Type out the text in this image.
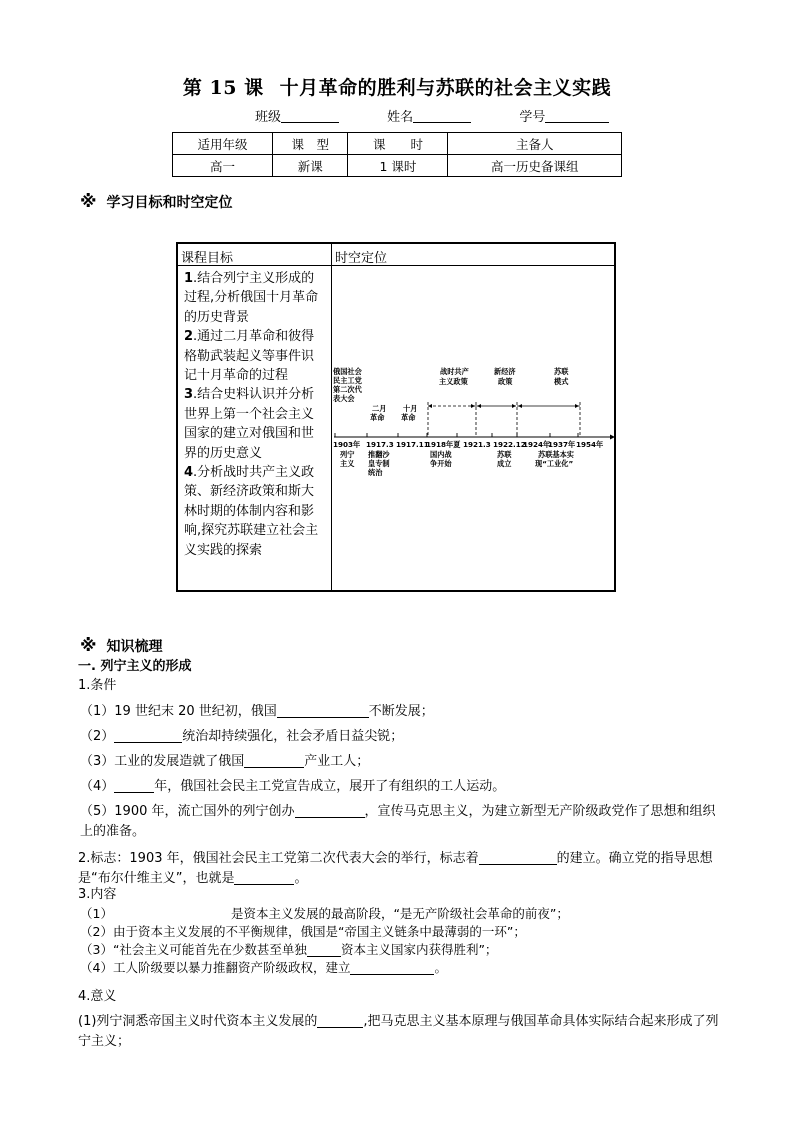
第 15 课 十月革命的胜利与苏联的社会主义实践
班级	姓名	学号
适用年级	课　型	课　　时	主备人
高一	新课	1 课时	高一历史备课组
※ 学习目标和时空定位
课程目标	时空定位
1.结合列宁主义形成的过程,分析俄国十月革命的历史背景
2.通过二月革命和彼得格勒武装起义等事件识记十月革命的过程
3.结合史料认识并分析世界上第一个社会主义国家的建立对俄国和世界的历史意义
4.分析战时共产主义政策、新经济政策和斯大林时期的体制内容和影响,探究苏联建立社会主义实践的探索
俄国社会民主工党第二次代表大会
二月革命
十月革命
战时共产主义政策
新经济政策
苏联模式
1903年 1917.3 1917.11
1918年夏 1921.3 1922.12
1924年
1937年 1954年
列宁主义
推翻沙皇专制统治
国内战争开始
苏联成立
苏联基本实现“工业化”
※ 知识梳理
一. 列宁主义的形成
1.条件
（1）19 世纪末 20 世纪初，俄国	不断发展；
（2）	统治却持续强化，社会矛盾日益尖锐；
（3）工业的发展造就了俄国	产业工人；
（4）	年，俄国社会民主工党宣告成立，展开了有组织的工人运动。
（5）1900 年，流亡国外的列宁创办	，宣传马克思主义，为建立新型无产阶级政党作了思想和组织上的准备。
2.标志：1903 年，俄国社会民主工党第二次代表大会的举行，标志着	的建立。确立党的指导思想是“布尔什维主义”，也就是	。
3.内容
（1）	是资本主义发展的最高阶段，“是无产阶级社会革命的前夜”；
（2）由于资本主义发展的不平衡规律，俄国是“帝国主义链条中最薄弱的一环”；
（3）“社会主义可能首先在少数甚至单独	资本主义国家内获得胜利”；
（4）工人阶级要以暴力推翻资产阶级政权，建立	。
4.意义
(1)列宁洞悉帝国主义时代资本主义发展的	,把马克思主义基本原理与俄国革命具体实际结合起来形成了列宁主义；
